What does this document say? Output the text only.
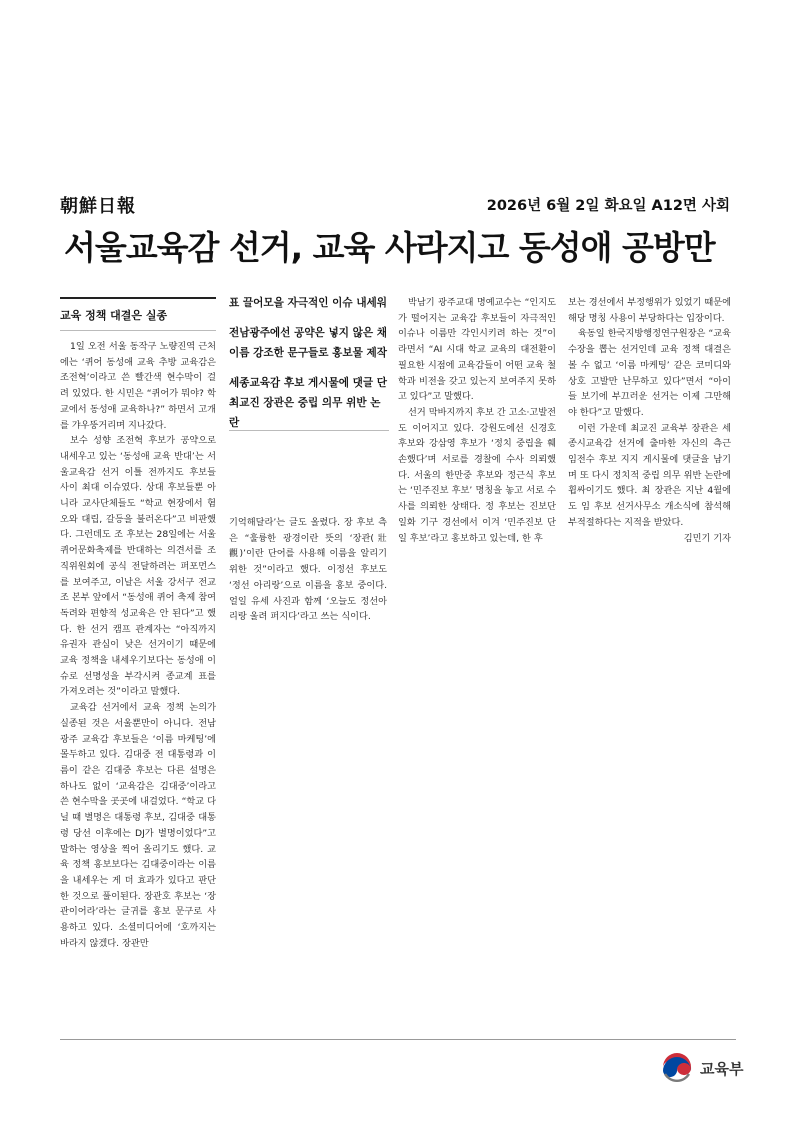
朝鮮日報	2026년 6월 2일 화요일 A12면 사회
서울교육감 선거, 교육 사라지고 동성애 공방만
교육 정책 대결은 실종

1일 오전 서울 동작구 노량진역 근처에는 ‘퀴어 동성애 교육 추방 교육감은 조전혁’이라고 쓴 빨간색 현수막이 걸려 있었다. 한 시민은 “퀴어가 뭐야? 학교에서 동성애 교육하나?” 하면서 고개를 갸우뚱거리며 지나갔다.

보수 성향 조전혁 후보가 공약으로 내세우고 있는 ‘동성애 교육 반대’는 서울교육감 선거 이틀 전까지도 후보들 사이 최대 이슈였다. 상대 후보들뿐 아니라 교사단체들도 “학교 현장에서 혐오와 대립, 갈등을 불러온다”고 비판했다. 그런데도 조 후보는 28일에는 서울퀴어문화축제를 반대하는 의견서를 조직위원회에 공식 전달하려는 퍼포먼스를 보여주고, 이날은 서울 강서구 전교조 본부 앞에서 “동성애 퀴어 축제 참여 독려와 편향적 성교육은 안 된다”고 했다. 한 선거 캠프 관계자는 “아직까지 유권자 관심이 낮은 선거이기 때문에 교육 정책을 내세우기보다는 동성애 이슈로 선명성을 부각시켜 종교계 표를 가져오려는 것”이라고 말했다.

교육감 선거에서 교육 정책 논의가 실종된 것은 서울뿐만이 아니다. 전남광주 교육감 후보들은 ‘이름 마케팅’에 몰두하고 있다. 김대중 전 대통령과 이름이 같은 김대중 후보는 다른 설명은 하나도 없이 ‘교육감은 김대중’이라고 쓴 현수막을 곳곳에 내걸었다. “학교 다닐 때 별명은 대통령 후보, 김대중 대통령 당선 이후에는 DJ가 별명이었다”고 말하는 영상을 찍어 올리기도 했다. 교육 정책 홍보보다는 김대중이라는 이름을 내세우는 게 더 효과가 있다고 판단한 것으로 풀이된다. 장관호 후보는 ‘장관이어라’라는 글귀를 홍보 문구로 사용하고 있다. 소셜미디어에 ‘호까지는 바라지 않겠다. 장관만

표 끌어모을 자극적인 이슈 내세워
전남광주에선 공약은 넣지 않은 채
이름 강조한 문구들로 홍보물 제작
세종교육감 후보 게시물에 댓글 단
최교진 장관은 중립 의무 위반 논란

기억해달라’는 글도 올렸다. 장 후보 측은 “훌륭한 광경이란 뜻의 ‘장관(壯觀)’이란 단어를 사용해 이름을 알리기 위한 것”이라고 했다. 이정선 후보도 ‘정선 아리랑’으로 이름을 홍보 중이다. 얼일 유세 사진과 함께 ‘오늘도 정선아리랑 울려 퍼지다’라고 쓰는 식이다.

박남기 광주교대 명예교수는 “인지도가 떨어지는 교육감 후보들이 자극적인 이슈나 이름만 각인시키려 하는 것”이라면서 “AI 시대 학교 교육의 대전환이 필요한 시점에 교육감들이 어떤 교육 철학과 비전을 갖고 있는지 보여주지 못하고 있다”고 말했다.

선거 막바지까지 후보 간 고소·고발전도 이어지고 있다. 강원도에선 신경호 후보와 강삼영 후보가 ‘정치 중립을 훼손했다’며 서로를 경찰에 수사 의뢰했다. 서울의 한만중 후보와 정근식 후보는 ‘민주진보 후보’ 명칭을 놓고 서로 수사를 의뢰한 상태다. 정 후보는 진보단일화 기구 경선에서 이겨 ‘민주진보 단일 후보’라고 홍보하고 있는데, 한 후

보는 경선에서 부정행위가 있었기 때문에 해당 명칭 사용이 부당하다는 입장이다.

육동일 한국지방행정연구원장은 “교육 수장을 뽑는 선거인데 교육 정책 대결은 볼 수 없고 ‘이름 마케팅’ 같은 코미디와 상호 고발만 난무하고 있다”면서 “아이들 보기에 부끄러운 선거는 이제 그만해야 한다”고 말했다.

이런 가운데 최교진 교육부 장관은 세종시교육감 선거에 출마한 자신의 측근 임전수 후보 지지 게시물에 댓글을 남기며 또 다시 정치적 중립 의무 위반 논란에 휩싸이기도 했다. 최 장관은 지난 4월에도 임 후보 선거사무소 개소식에 참석해 부적절하다는 지적을 받았다.
김민기 기자

교육부
